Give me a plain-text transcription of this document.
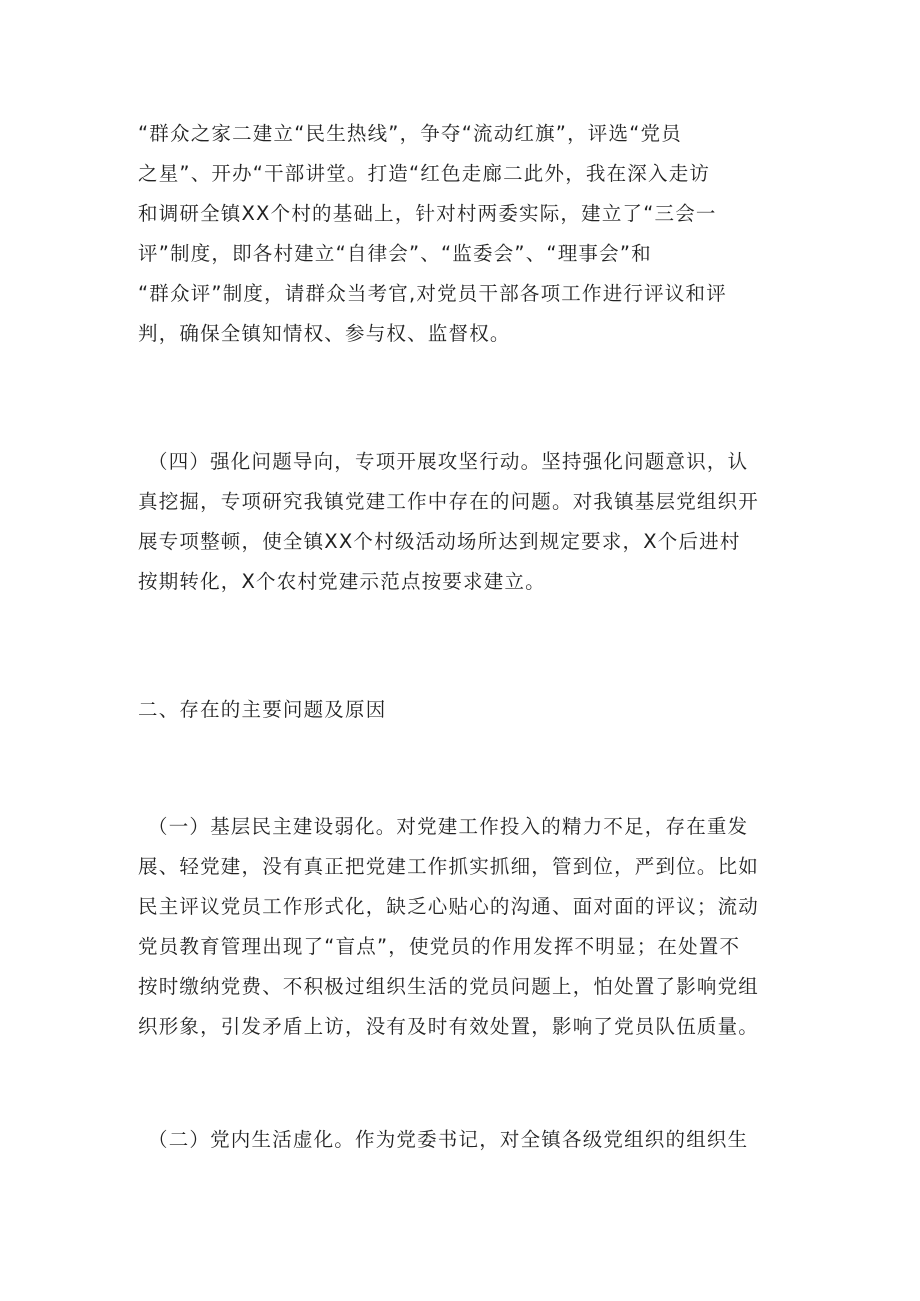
“群众之家二建立“民生热线”，争夺“流动红旗”，评选“党员
之星”、开办“干部讲堂。打造“红色走廊二此外，我在深入走访
和调研全镇XX个村的基础上，针对村两委实际，建立了“三会一
评”制度，即各村建立“自律会”、“监委会”、“理事会”和
“群众评”制度，请群众当考官,对党员干部各项工作进行评议和评
判，确保全镇知情权、参与权、监督权。

（四）强化问题导向，专项开展攻坚行动。坚持强化问题意识，认
真挖掘，专项研究我镇党建工作中存在的问题。对我镇基层党组织开
展专项整顿，使全镇XX个村级活动场所达到规定要求，X个后进村
按期转化，X个农村党建示范点按要求建立。

二、存在的主要问题及原因

（一）基层民主建设弱化。对党建工作投入的精力不足，存在重发
展、轻党建，没有真正把党建工作抓实抓细，管到位，严到位。比如
民主评议党员工作形式化，缺乏心贴心的沟通、面对面的评议；流动
党员教育管理出现了“盲点”，使党员的作用发挥不明显；在处置不
按时缴纳党费、不积极过组织生活的党员问题上，怕处置了影响党组
织形象，引发矛盾上访，没有及时有效处置，影响了党员队伍质量。

（二）党内生活虚化。作为党委书记，对全镇各级党组织的组织生
